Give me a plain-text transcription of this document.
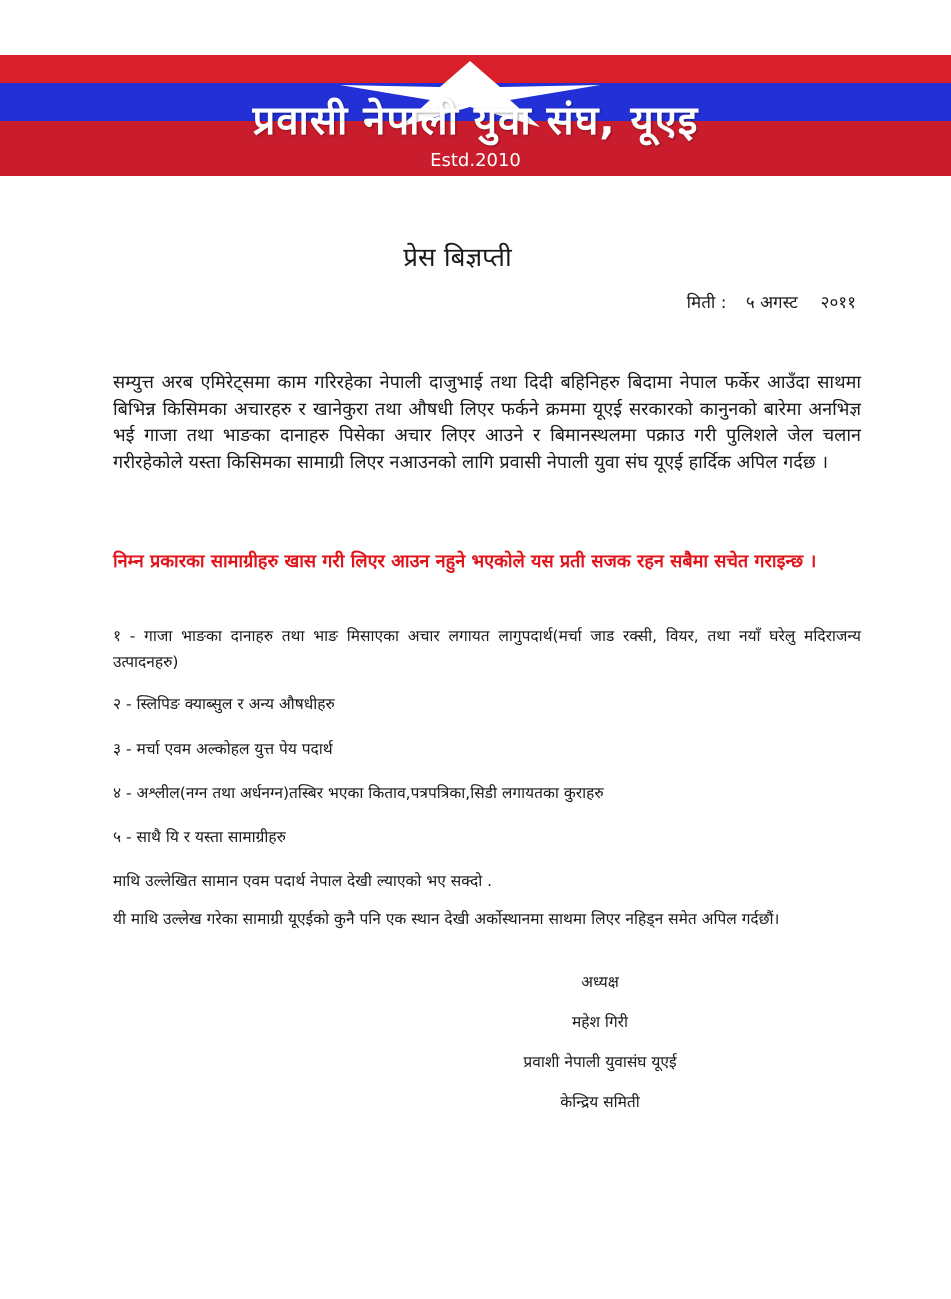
प्रवासी नेपाली युवा संघ, यूएइ
Estd.2010
प्रेस बिज्ञप्ती
मिती : ५ अगस्ट २०११

सम्युत्त अरब एमिरेट्समा काम गरिरहेका नेपाली दाजुभाई तथा दिदी बहिनिहरु बिदामा नेपाल फर्केर आउँदा साथमा बिभिन्न किसिमका अचारहरु र खानेकुरा तथा औषधी लिएर फर्कने क्रममा यूएई सरकारको कानुनको बारेमा अनभिज्ञ भई गाजा तथा भाङका दानाहरु पिसेका अचार लिएर आउने र बिमानस्थलमा पक्राउ गरी पुलिशले जेल चलान गरीरहेकोले यस्ता किसिमका सामाग्री लिएर नआउनको लागि प्रवासी नेपाली युवा संघ यूएई हार्दिक अपिल गर्दछ ।

निम्न प्रकारका सामाग्रीहरु खास गरी लिएर आउन नहुने भएकोले यस प्रती सजक रहन सबैमा सचेत गराइन्छ ।

१ - गाजा भाङका दानाहरु तथा भाङ मिसाएका अचार लगायत लागुपदार्थ(मर्चा जाड रक्सी, वियर, तथा नयाँ घरेलु मदिराजन्य उत्पादनहरु)

२ - स्लिपिङ क्याब्सुल र अन्य औषधीहरु

३ - मर्चा एवम अल्कोहल युत्त पेय पदार्थ

४ - अश्लील(नग्न तथा अर्धनग्न)तस्बिर भएका किताव,पत्रपत्रिका,सिडी लगायतका कुराहरु

५ - साथै यि र यस्ता सामाग्रीहरु

माथि उल्लेखित सामान एवम पदार्थ नेपाल देखी ल्याएको भए सक्दो .

यी माथि उल्लेख गरेका सामाग्री यूएईको कुनै पनि एक स्थान देखी अर्कोस्थानमा साथमा लिएर नहिड्न समेत अपिल गर्दछौं।

अध्यक्ष
महेश गिरी
प्रवाशी नेपाली युवासंघ यूएई
केन्द्रिय समिती
